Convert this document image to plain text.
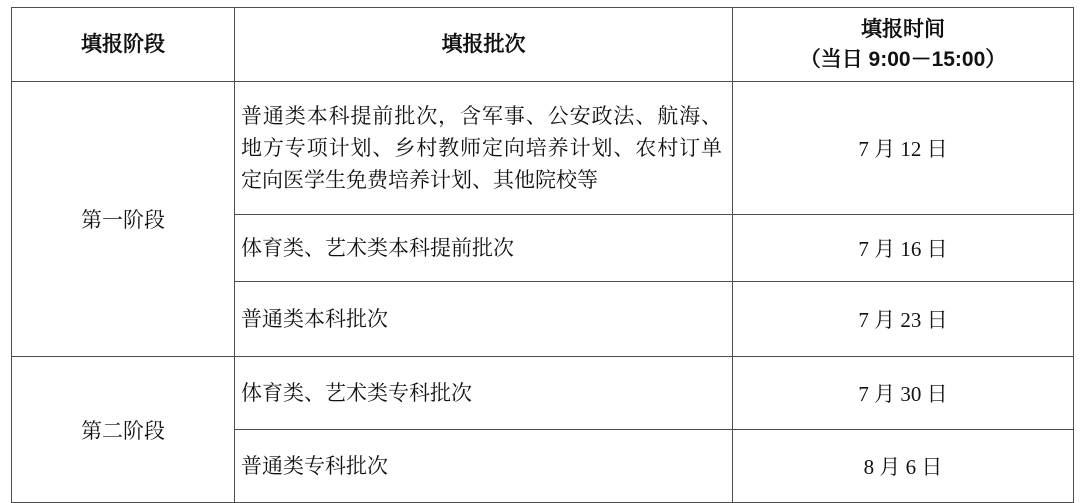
填报阶段	填报批次	填报时间
（当日 9:00－15:00）

第一阶段	普通类本科提前批次，含军事、公安政法、航海、地方专项计划、乡村教师定向培养计划、农村订单定向医学生免费培养计划、其他院校等	7 月 12 日
	体育类、艺术类本科提前批次	7 月 16 日
	普通类本科批次	7 月 23 日
第二阶段	体育类、艺术类专科批次	7 月 30 日
	普通类专科批次	8 月 6 日
